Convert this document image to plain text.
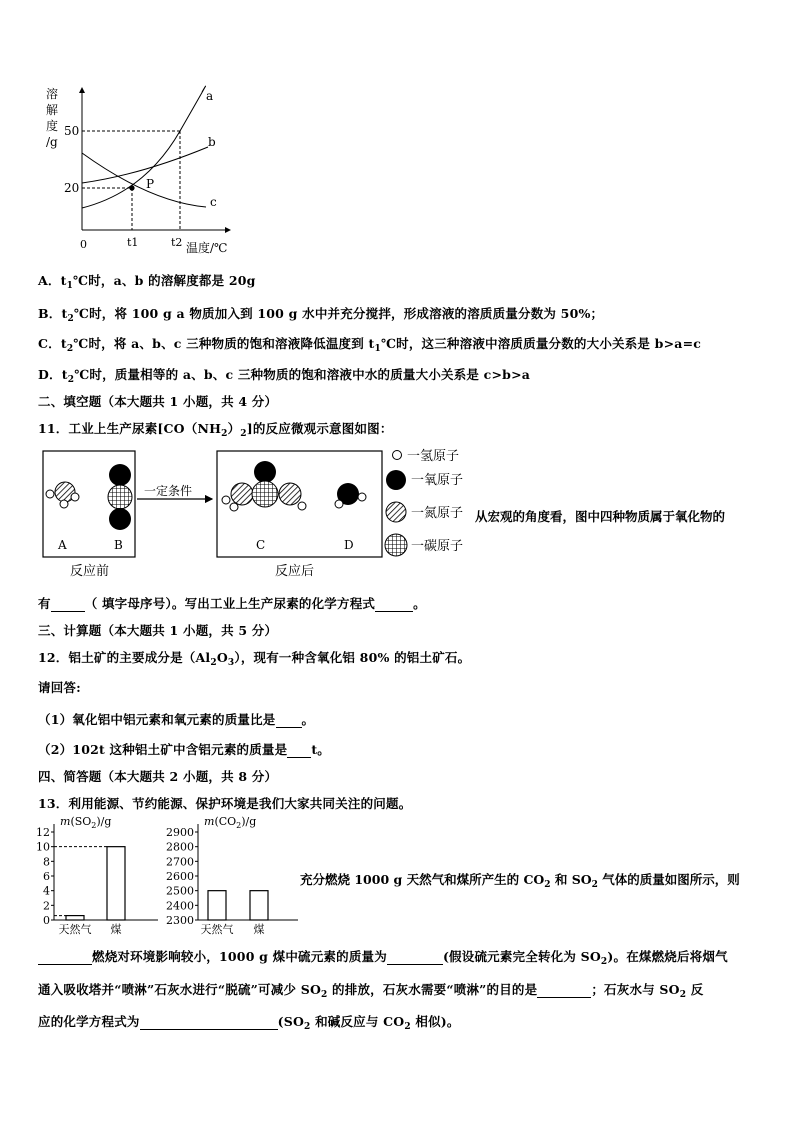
溶
解
度
/g
50
20
0	t1	t2 温度/℃
P
a
b
c
A．$t_1℃$时，a、b 的溶解度都是 20g
B．$t_2℃$时，将 100 g a 物质加入到 100 g 水中并充分搅拌，形成溶液的溶质质量分数为 50%；
C．$t_2℃$时，将 a、b、c 三种物质的饱和溶液降低温度到 $t_1℃$时，这三种溶液中溶质质量分数的大小关系是 b>a=c
D．$t_2℃$时，质量相等的 a、b、c 三种物质的饱和溶液中水的质量大小关系是 c>b>a
二、填空题（本大题共 1 小题，共 4 分）
11．工业上生产尿素$[CO(NH_2)_2]$的反应微观示意图如图：
A	B
一定条件
C	D
反应前	反应后
一氢原子
一氧原子
一氮原子
一碳原子
从宏观的角度看，图中四种物质属于氧化物的
有	（ 填字母序号）。写出工业上生产尿素的化学方程式	。
三、计算题（本大题共 1 小题，共 5 分）
12．铝土矿的主要成分是$(Al_2O_3)$，现有一种含氧化铝 80% 的铝土矿石。
请回答:
（1）氧化铝中铝元素和氧元素的质量比是 。
（2）102t 这种铝土矿中含铝元素的质量是 t。
四、简答题（本大题共 2 小题，共 8 分）
13．利用能源、节约能源、保护环境是我们大家共同关注的问题。
$m(SO_2)/g$
0
2
4
6
8
10
12
天然气 煤
$m(CO_2)/g$
2300
2400
2500
2600
2700
2800
2900
天然气 煤
充分燃烧 1000 g 天然气和煤所产生的 $CO_2$ 和 $SO_2$ 气体的质量如图所示，则
燃烧对环境影响较小，1000 g 煤中硫元素的质量为	(假设硫元素完全转化为 $SO_2$)。在煤燃烧后将烟气
通入吸收塔并“喷淋”石灰水进行“脱硫”可减少 $SO_2$ 的排放，石灰水需要“喷淋”的目的是	；石灰水与 $SO_2$ 反
应的化学方程式为	($SO_2$ 和碱反应与 $CO_2$ 相似)。
